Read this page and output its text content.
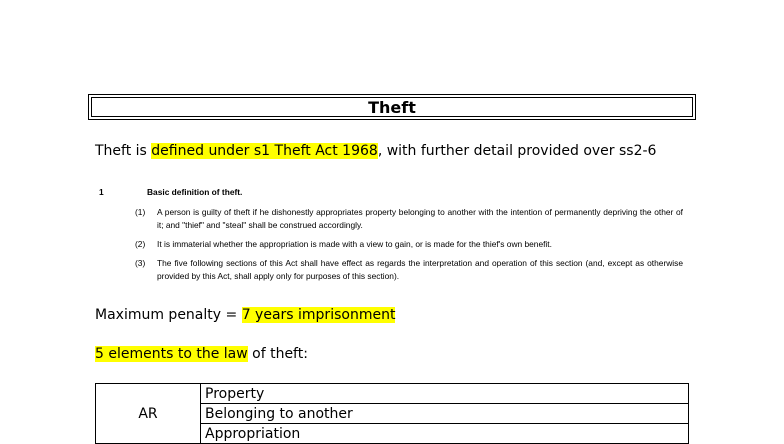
Theft
Theft is defined under s1 Theft Act 1968, with further detail provided over ss2-6
1	Basic definition of theft.
(1)	A person is guilty of theft if he dishonestly appropriates property belonging to another with the intention of permanently depriving the other of it; and "thief" and "steal" shall be construed accordingly.
(2)	It is immaterial whether the appropriation is made with a view to gain, or is made for the thief's own benefit.
(3)	The five following sections of this Act shall have effect as regards the interpretation and operation of this section (and, except as otherwise provided by this Act, shall apply only for purposes of this section).
Maximum penalty = 7 years imprisonment
5 elements to the law of theft:
AR	Property
Belonging to another
Appropriation
